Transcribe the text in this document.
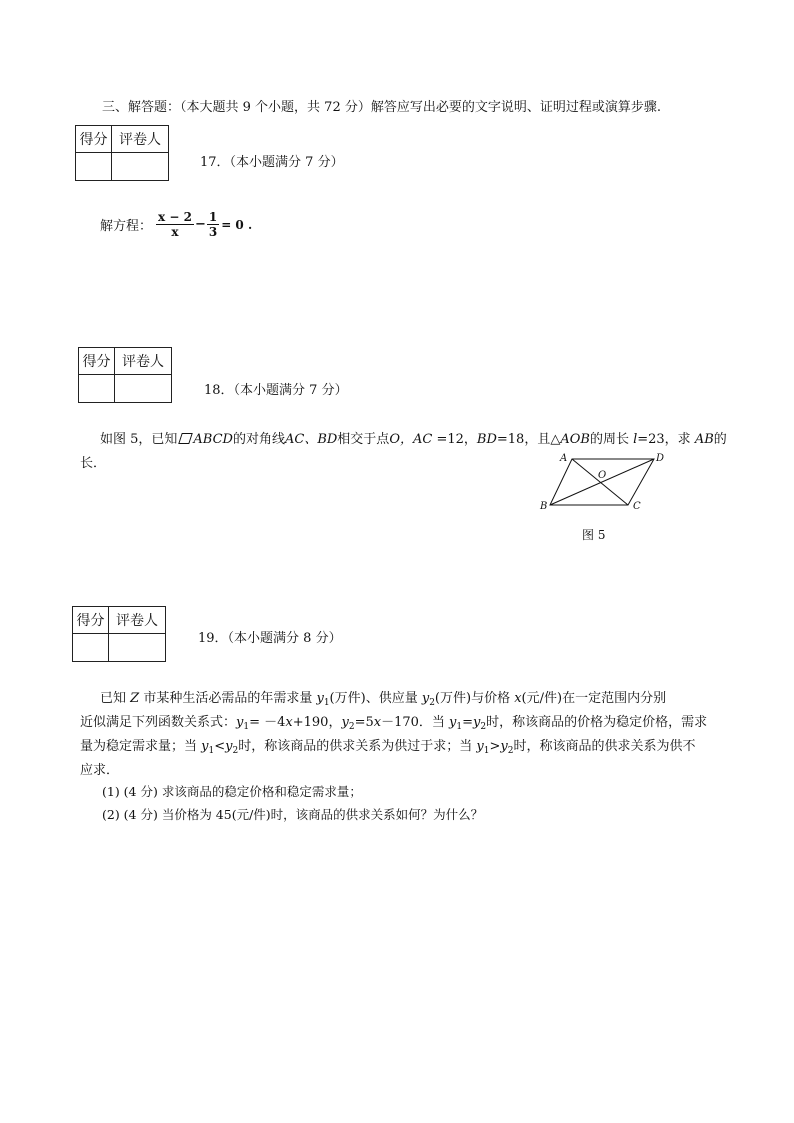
三、解答题：（本大题共 9 个小题，共 72 分）解答应写出必要的文字说明、证明过程或演算步骤.
得分	评卷人

17．（本小题满分 7 分）
解方程： $\frac{x - 2}{x} - \frac{1}{3} = 0$ .
得分	评卷人

18．（本小题满分 7 分）
如图 5，已知 ABCD的对角线AC、BD相交于点O，AC =12，BD=18，且△AOB的周长 l=23，求 AB的
长．	A	D
B	C
O
图 5
得分	评卷人

19．（本小题满分 8 分）
已知 Z 市某种生活必需品的年需求量 $y_1$(万件)、供应量 $y_2$(万件)与价格 x(元/件)在一定范围内分别
近似满足下列函数关系式：$y_1= -4x+190$，$y_2=5x-170$．当 $y_1=y_2$时，称该商品的价格为稳定价格，需求
量为稳定需求量；当 $y_1<y_2$时，称该商品的供求关系为供过于求；当 $y_1>y_2$时，称该商品的供求关系为供不
应求．
(1) (4 分) 求该商品的稳定价格和稳定需求量；
(2) (4 分) 当价格为 45(元/件)时，该商品的供求关系如何？为什么？
